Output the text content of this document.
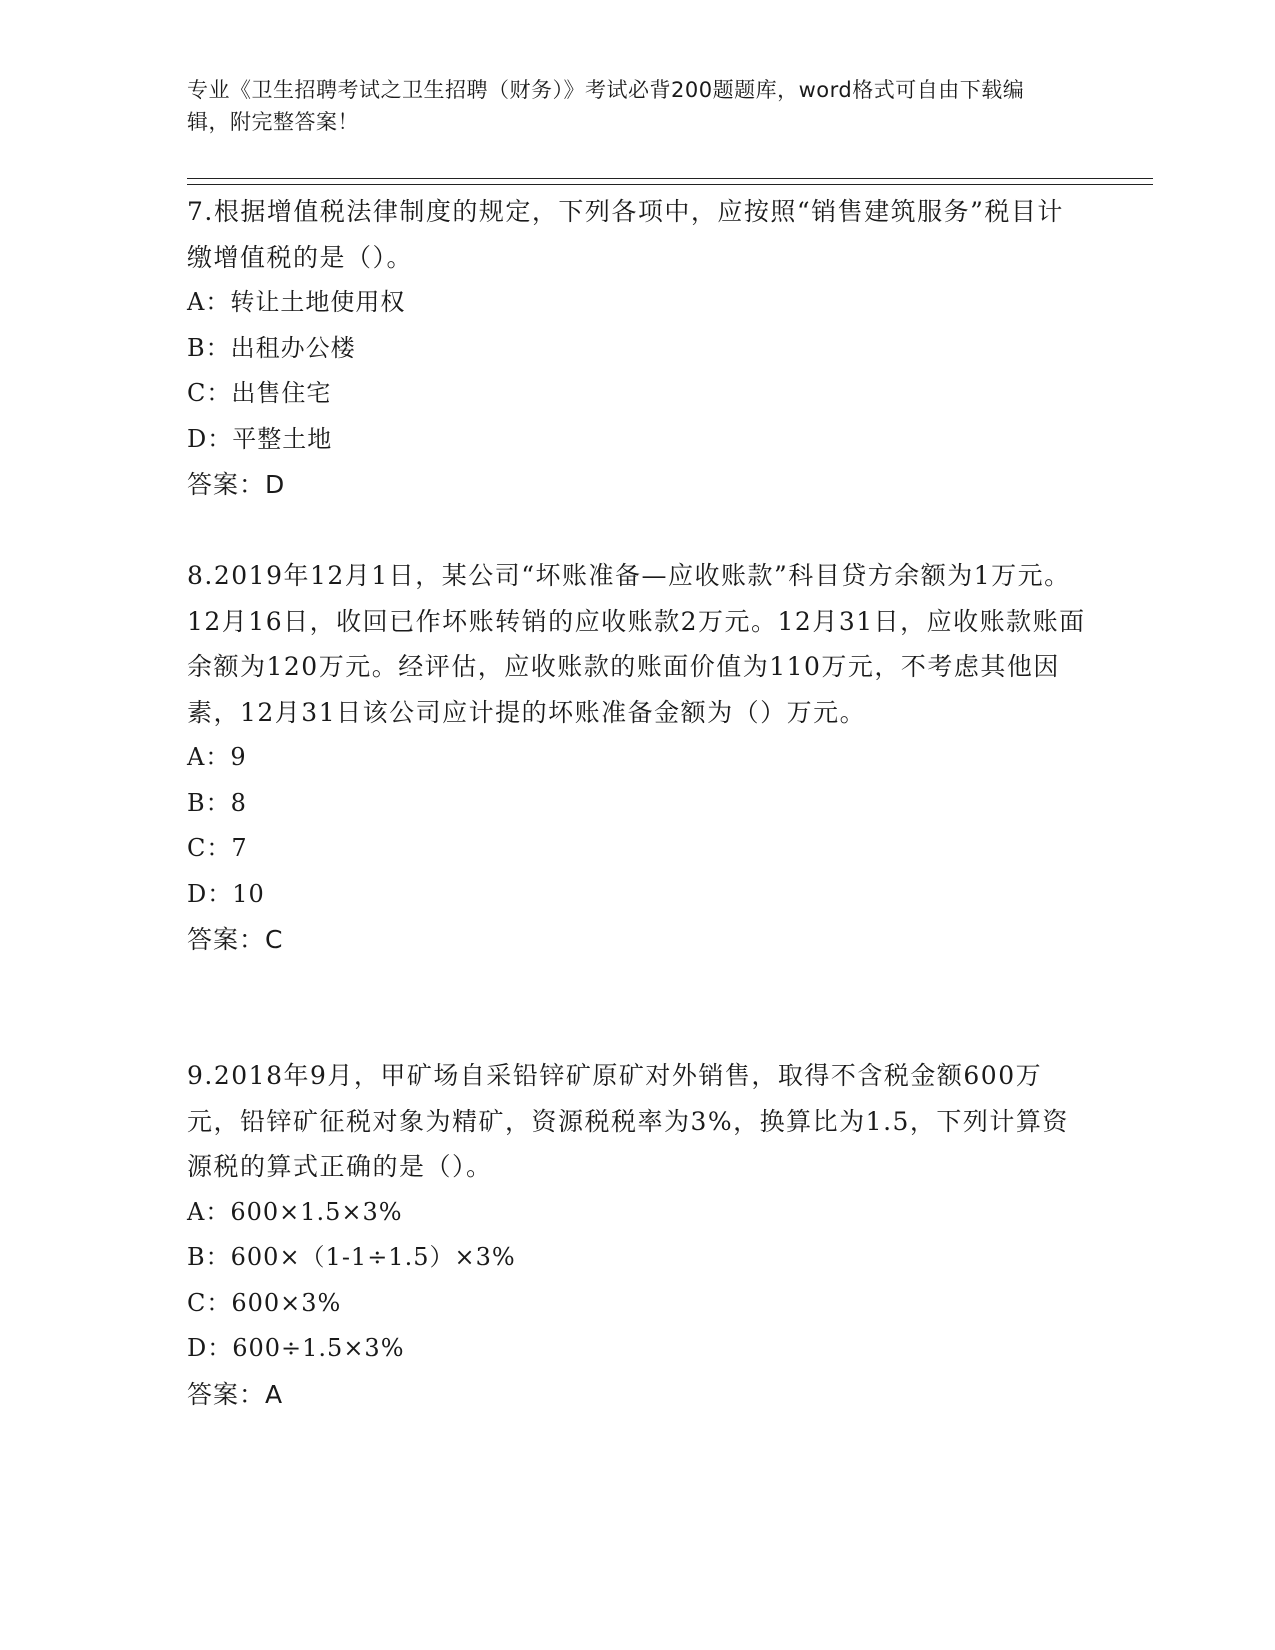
专业《卫生招聘考试之卫生招聘（财务）》考试必背200题题库，word格式可自由下载编辑，附完整答案！

7.根据增值税法律制度的规定，下列各项中，应按照“销售建筑服务”税目计缴增值税的是（）。

A：转让土地使用权

B：出租办公楼

C：出售住宅

D：平整土地

答案：D

8.2019年12月1日，某公司“坏账准备—应收账款”科目贷方余额为1万元。12月16日，收回已作坏账转销的应收账款2万元。12月31日，应收账款账面余额为120万元。经评估，应收账款的账面价值为110万元，不考虑其他因素，12月31日该公司应计提的坏账准备金额为（）万元。

A：9

B：8

C：7

D：10

答案：C

9.2018年9月，甲矿场自采铅锌矿原矿对外销售，取得不含税金额600万元，铅锌矿征税对象为精矿，资源税税率为3%，换算比为1.5，下列计算资源税的算式正确的是（）。

A：600×1.5×3%

B：600×（1-1÷1.5）×3%

C：600×3%

D：600÷1.5×3%

答案：A
